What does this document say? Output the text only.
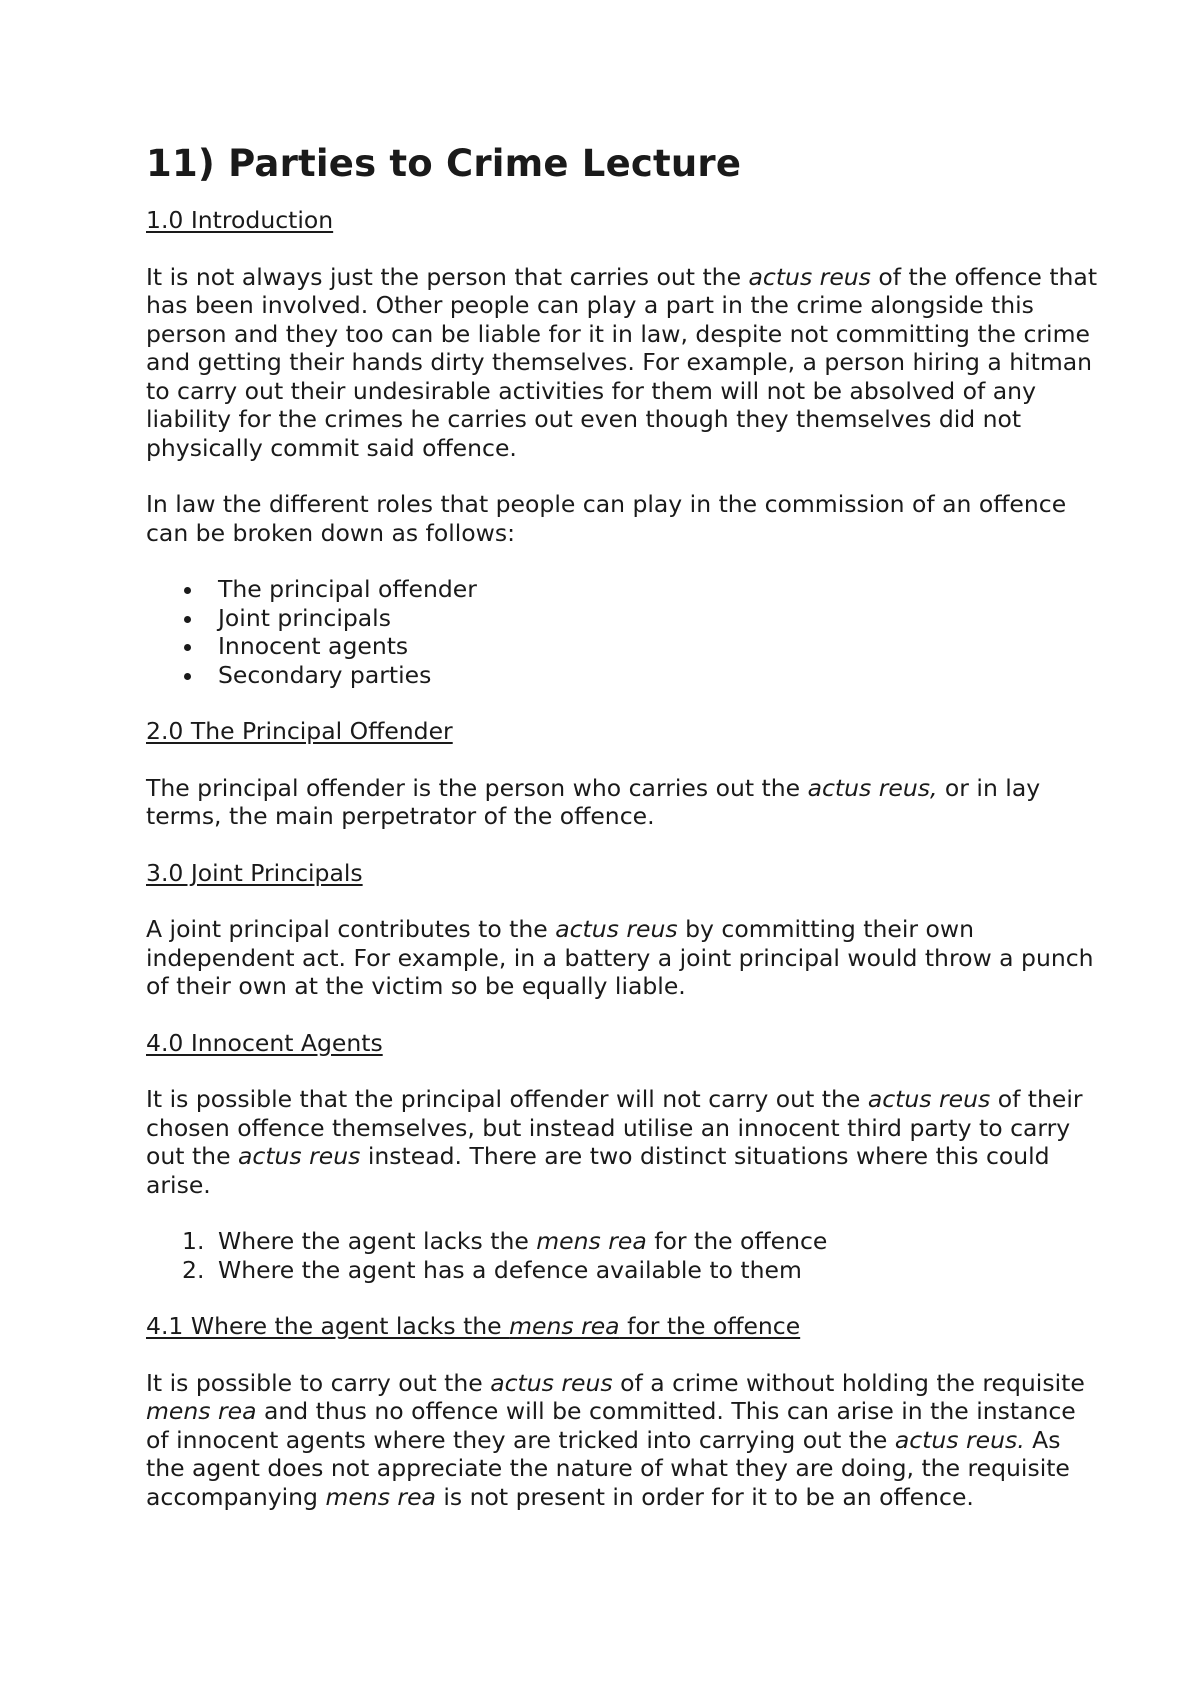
11) Parties to Crime Lecture
1.0 Introduction

It is not always just the person that carries out the actus reus of the offence that has been involved. Other people can play a part in the crime alongside this person and they too can be liable for it in law, despite not committing the crime and getting their hands dirty themselves. For example, a person hiring a hitman to carry out their undesirable activities for them will not be absolved of any liability for the crimes he carries out even though they themselves did not physically commit said offence.

In law the different roles that people can play in the commission of an offence can be broken down as follows:

The principal offender
Joint principals
Innocent agents
Secondary parties
2.0 The Principal Offender

The principal offender is the person who carries out the actus reus, or in lay terms, the main perpetrator of the offence.

3.0 Joint Principals

A joint principal contributes to the actus reus by committing their own independent act. For example, in a battery a joint principal would throw a punch of their own at the victim so be equally liable.

4.0 Innocent Agents

It is possible that the principal offender will not carry out the actus reus of their chosen offence themselves, but instead utilise an innocent third party to carry out the actus reus instead. There are two distinct situations where this could arise.

1. Where the agent lacks the mens rea for the offence
2. Where the agent has a defence available to them
4.1 Where the agent lacks the mens rea for the offence

It is possible to carry out the actus reus of a crime without holding the requisite mens rea and thus no offence will be committed. This can arise in the instance of innocent agents where they are tricked into carrying out the actus reus. As the agent does not appreciate the nature of what they are doing, the requisite accompanying mens rea is not present in order for it to be an offence.
